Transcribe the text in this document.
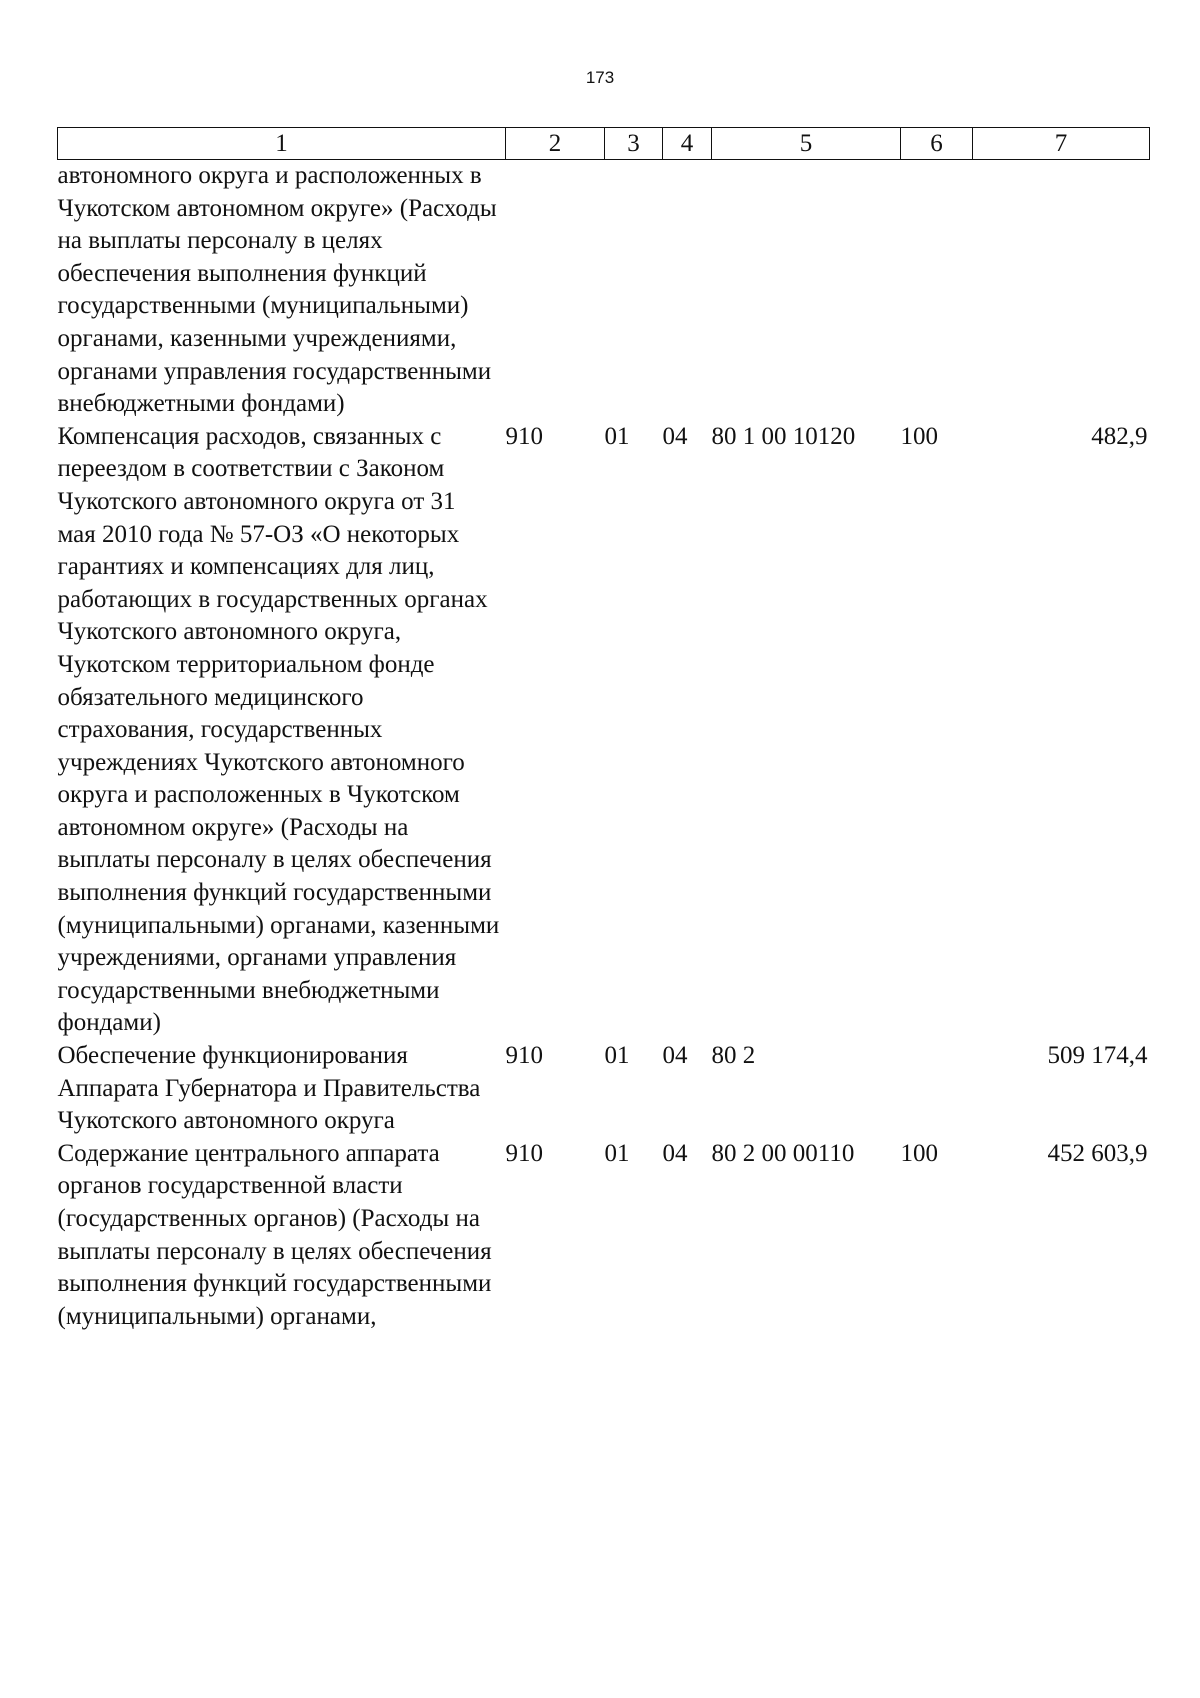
173
1	2	3	4	5	6	7
автономного округа и расположенных в Чукотском автономном округе» (Расходы на выплаты персоналу в целях обеспечения выполнения функций государственными (муниципальными) органами, казенными учреждениями, органами управления государственными внебюджетными фондами)						
Компенсация расходов, связанных с переездом в соответствии с Законом Чукотского автономного округа от 31 мая 2010 года № 57-ОЗ «О некоторых гарантиях и компенсациях для лиц, работающих в государственных органах Чукотского автономного округа, Чукотском территориальном фонде обязательного медицинского страхования, государственных учреждениях Чукотского автономного округа и расположенных в Чукотском автономном округе» (Расходы на выплаты персоналу в целях обеспечения выполнения функций государственными (муниципальными) органами, казенными учреждениями, органами управления государственными внебюджетными фондами)	910	01	04	80 1 00 10120	100	482,9
Обеспечение функционирования Аппарата Губернатора и Правительства Чукотского автономного округа	910	01	04	80 2		509 174,4
Содержание центрального аппарата органов государственной власти (государственных органов) (Расходы на выплаты персоналу в целях обеспечения выполнения функций государственными (муниципальными) органами,	910	01	04	80 2 00 00110	100	452 603,9
